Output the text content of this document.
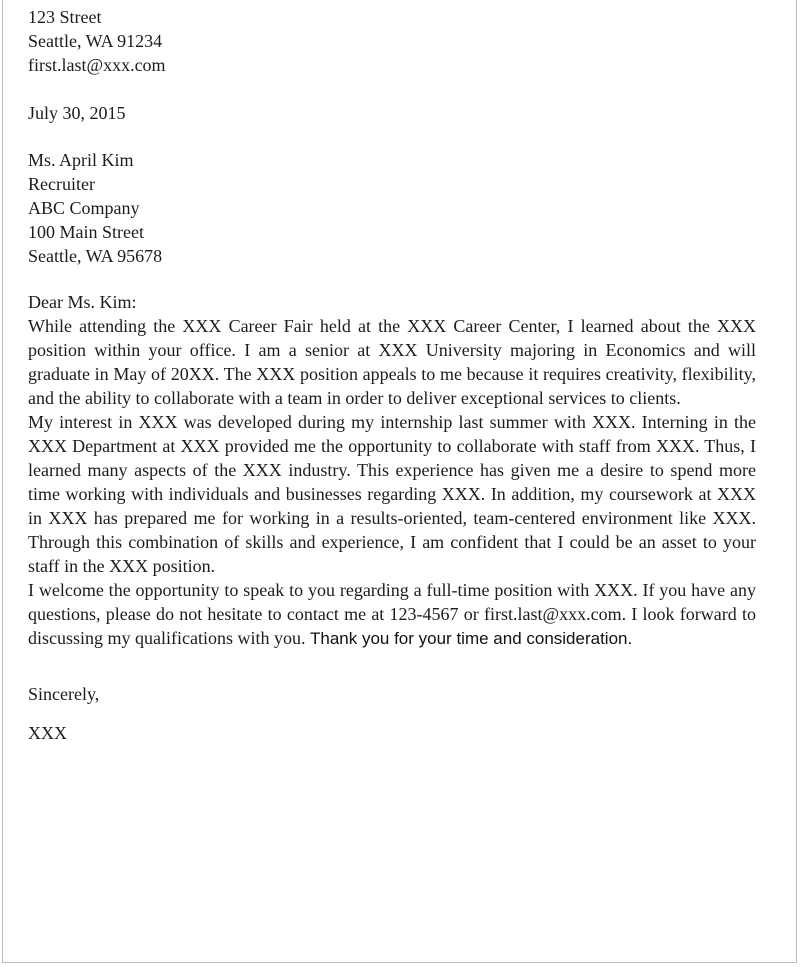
123 Street
Seattle, WA 91234
first.last@xxx.com
July 30, 2015
Ms. April Kim
Recruiter
ABC Company
100 Main Street
Seattle, WA 95678
Dear Ms. Kim:

While attending the XXX Career Fair held at the XXX Career Center, I learned about the XXX position within your office. I am a senior at XXX University majoring in Economics and will graduate in May of 20XX. The XXX position appeals to me because it requires creativity, flexibility, and the ability to collaborate with a team in order to deliver exceptional services to clients.

My interest in XXX was developed during my internship last summer with XXX. Interning in the XXX Department at XXX provided me the opportunity to collaborate with staff from XXX. Thus, I learned many aspects of the XXX industry. This experience has given me a desire to spend more time working with individuals and businesses regarding XXX. In addition, my coursework at XXX in XXX has prepared me for working in a results-oriented, team-centered environment like XXX. Through this combination of skills and experience, I am confident that I could be an asset to your staff in the XXX position.

I welcome the opportunity to speak to you regarding a full-time position with XXX. If you have any questions, please do not hesitate to contact me at 123-4567 or first.last@xxx.com. I look forward to discussing my qualifications with you. Thank you for your time and consideration.

Sincerely,
XXX
